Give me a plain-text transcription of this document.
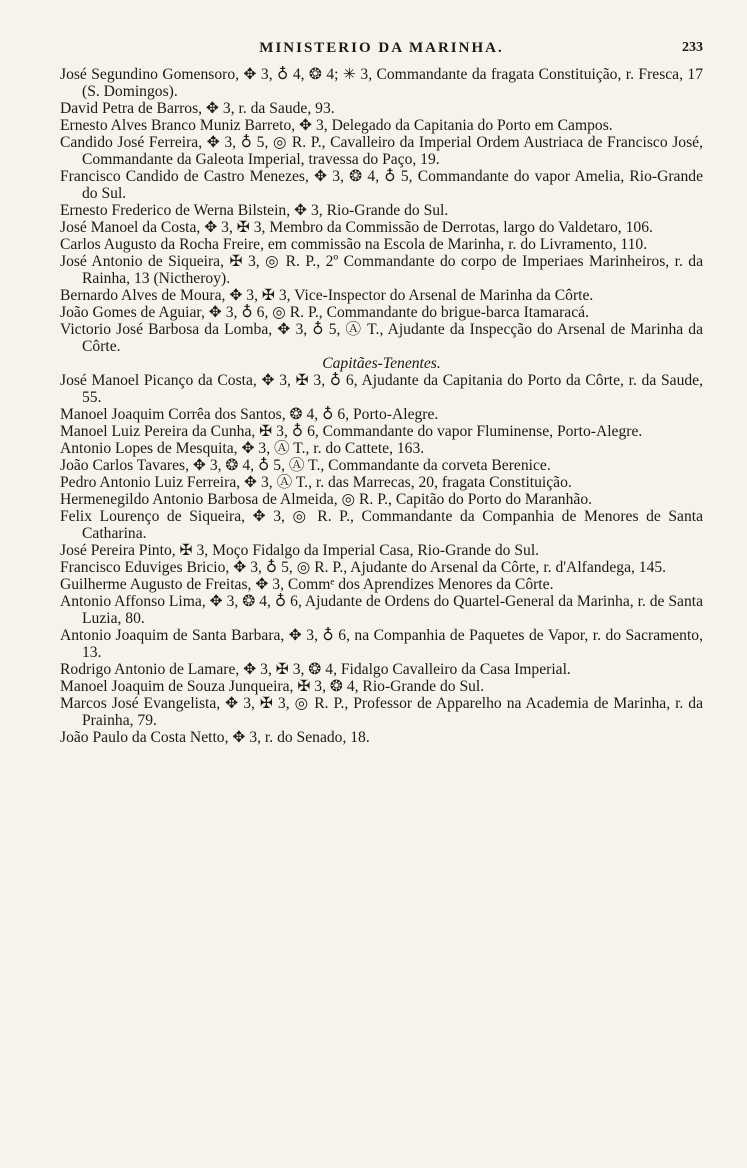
MINISTERIO DA MARINHA.	233
José Segundino Gomensoro, ✥ 3, ♁ 4, ❂ 4; ✳ 3, Commandante da fragata Constituição, r. Fresca, 17 (S. Domingos).
David Petra de Barros, ✥ 3, r. da Saude, 93.
Ernesto Alves Branco Muniz Barreto, ✥ 3, Delegado da Capitania do Porto em Campos.
Candido José Ferreira, ✥ 3, ♁ 5, ◎ R. P., Cavalleiro da Imperial Ordem Austriaca de Francisco José, Commandante da Galeota Imperial, travessa do Paço, 19.
Francisco Candido de Castro Menezes, ✥ 3, ❂ 4, ♁ 5, Commandante do vapor Amelia, Rio-Grande do Sul.
Ernesto Frederico de Werna Bilstein, ✥ 3, Rio-Grande do Sul.
José Manoel da Costa, ✥ 3, ✠ 3, Membro da Commissão de Derrotas, largo do Valdetaro, 106.
Carlos Augusto da Rocha Freire, em commissão na Escola de Marinha, r. do Livramento, 110.
José Antonio de Siqueira, ✠ 3, ◎ R. P., 2º Commandante do corpo de Imperiaes Marinheiros, r. da Rainha, 13 (Nictheroy).
Bernardo Alves de Moura, ✥ 3, ✠ 3, Vice-Inspector do Arsenal de Marinha da Côrte.
João Gomes de Aguiar, ✥ 3, ♁ 6, ◎ R. P., Commandante do brigue-barca Itamaracá.
Victorio José Barbosa da Lomba, ✥ 3, ♁ 5, Ⓐ T., Ajudante da Inspecção do Arsenal de Marinha da Côrte.
Capitães-Tenentes.
José Manoel Picanço da Costa, ✥ 3, ✠ 3, ♁ 6, Ajudante da Capitania do Porto da Côrte, r. da Saude, 55.
Manoel Joaquim Corrêa dos Santos, ❂ 4, ♁ 6, Porto-Alegre.
Manoel Luiz Pereira da Cunha, ✠ 3, ♁ 6, Commandante do vapor Fluminense, Porto-Alegre.
Antonio Lopes de Mesquita, ✥ 3, Ⓐ T., r. do Cattete, 163.
João Carlos Tavares, ✥ 3, ❂ 4, ♁ 5, Ⓐ T., Commandante da corveta Berenice.
Pedro Antonio Luiz Ferreira, ✥ 3, Ⓐ T., r. das Marrecas, 20, fragata Constituição.
Hermenegildo Antonio Barbosa de Almeida, ◎ R. P., Capitão do Porto do Maranhão.
Felix Lourenço de Siqueira, ✥ 3, ◎ R. P., Commandante da Companhia de Menores de Santa Catharina.
José Pereira Pinto, ✠ 3, Moço Fidalgo da Imperial Casa, Rio-Grande do Sul.
Francisco Eduviges Bricio, ✥ 3, ♁ 5, ◎ R. P., Ajudante do Arsenal da Côrte, r. d'Alfandega, 145.
Guilherme Augusto de Freitas, ✥ 3, Commᵉ dos Aprendizes Menores da Côrte.
Antonio Affonso Lima, ✥ 3, ❂ 4, ♁ 6, Ajudante de Ordens do Quartel-General da Marinha, r. de Santa Luzia, 80.
Antonio Joaquim de Santa Barbara, ✥ 3, ♁ 6, na Companhia de Paquetes de Vapor, r. do Sacramento, 13.
Rodrigo Antonio de Lamare, ✥ 3, ✠ 3, ❂ 4, Fidalgo Cavalleiro da Casa Imperial.
Manoel Joaquim de Souza Junqueira, ✠ 3, ❂ 4, Rio-Grande do Sul.
Marcos José Evangelista, ✥ 3, ✠ 3, ◎ R. P., Professor de Apparelho na Academia de Marinha, r. da Prainha, 79.
João Paulo da Costa Netto, ✥ 3, r. do Senado, 18.
